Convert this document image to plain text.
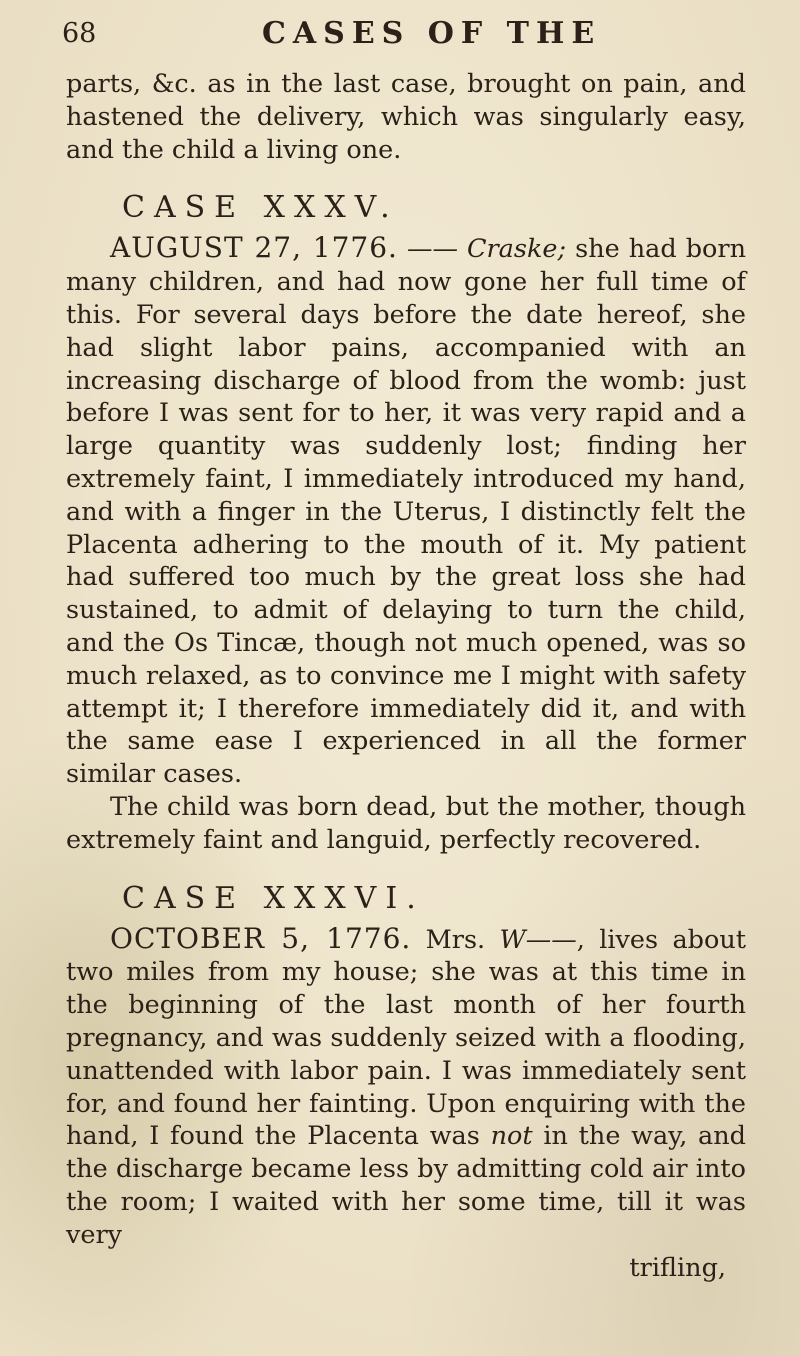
68	CASES OF THE

parts, &c. as in the last case, brought on pain, and hastened the delivery, which was singularly easy, and the child a living one.

CASE XXXV.

AUGUST 27, 1776. —— Craske; she had born many children, and had now gone her full time of this. For several days before the date hereof, she had slight labor pains, accompanied with an increasing discharge of blood from the womb: just before I was sent for to her, it was very rapid and a large quantity was suddenly lost; finding her extremely faint, I immediately introduced my hand, and with a finger in the Uterus, I distinctly felt the Placenta adhering to the mouth of it. My patient had suffered too much by the great loss she had sustained, to admit of delaying to turn the child, and the Os Tincæ, though not much opened, was so much relaxed, as to convince me I might with safety attempt it; I therefore immediately did it, and with the same ease I experienced in all the former similar cases.

The child was born dead, but the mother, though extremely faint and languid, perfectly recovered.

CASE XXXVI.

OCTOBER 5, 1776. Mrs. W——, lives about two miles from my house; she was at this time in the beginning of the last month of her fourth pregnancy, and was suddenly seized with a flooding, unattended with labor pain. I was immediately sent for, and found her fainting. Upon enquiring with the hand, I found the Placenta was not in the way, and the discharge became less by admitting cold air into the room; I waited with her some time, till it was very

trifling,
